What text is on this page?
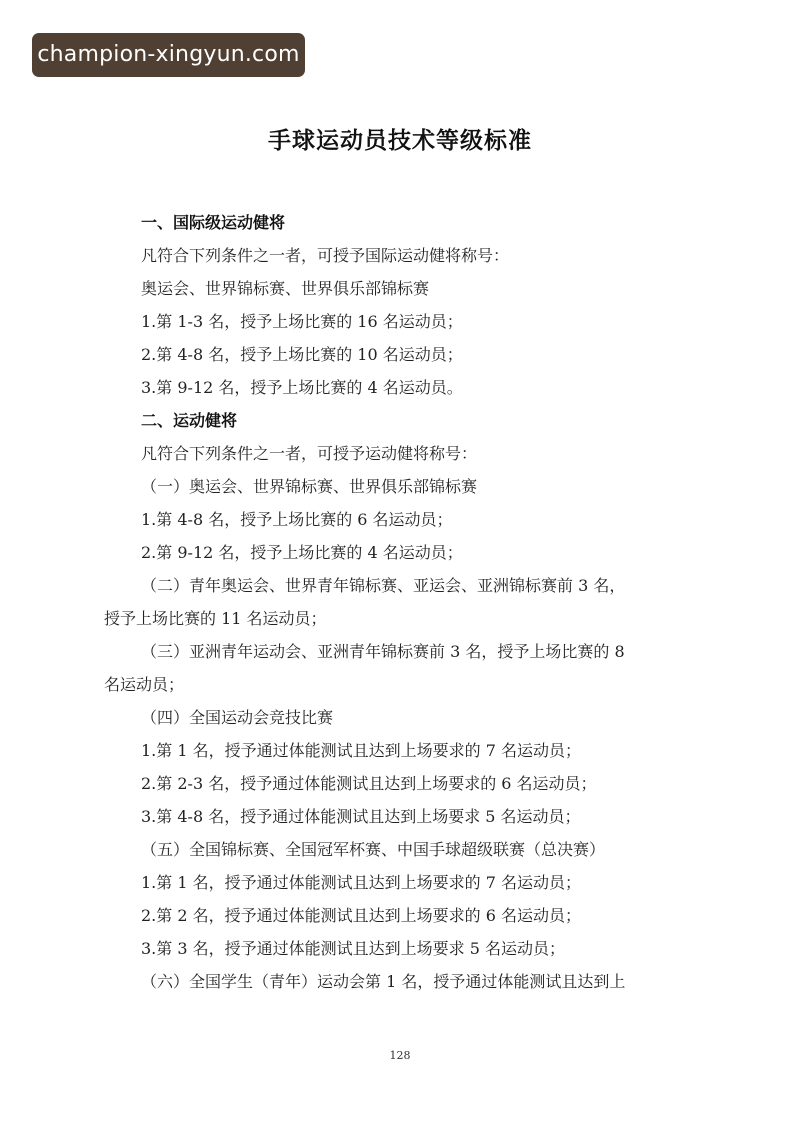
champion-xingyun.com
手球运动员技术等级标准
一、国际级运动健将
凡符合下列条件之一者，可授予国际运动健将称号：
奥运会、世界锦标赛、世界俱乐部锦标赛
1.第 1-3 名，授予上场比赛的 16 名运动员；
2.第 4-8 名，授予上场比赛的 10 名运动员；
3.第 9-12 名，授予上场比赛的 4 名运动员。
二、运动健将
凡符合下列条件之一者，可授予运动健将称号：
（一）奥运会、世界锦标赛、世界俱乐部锦标赛
1.第 4-8 名，授予上场比赛的 6 名运动员；
2.第 9-12 名，授予上场比赛的 4 名运动员；
（二）青年奥运会、世界青年锦标赛、亚运会、亚洲锦标赛前 3 名，
授予上场比赛的 11 名运动员；
（三）亚洲青年运动会、亚洲青年锦标赛前 3 名，授予上场比赛的 8
名运动员；
（四）全国运动会竞技比赛
1.第 1 名，授予通过体能测试且达到上场要求的 7 名运动员；
2.第 2-3 名，授予通过体能测试且达到上场要求的 6 名运动员；
3.第 4-8 名，授予通过体能测试且达到上场要求 5 名运动员；
（五）全国锦标赛、全国冠军杯赛、中国手球超级联赛（总决赛）
1.第 1 名，授予通过体能测试且达到上场要求的 7 名运动员；
2.第 2 名，授予通过体能测试且达到上场要求的 6 名运动员；
3.第 3 名，授予通过体能测试且达到上场要求 5 名运动员；
（六）全国学生（青年）运动会第 1 名，授予通过体能测试且达到上
128
